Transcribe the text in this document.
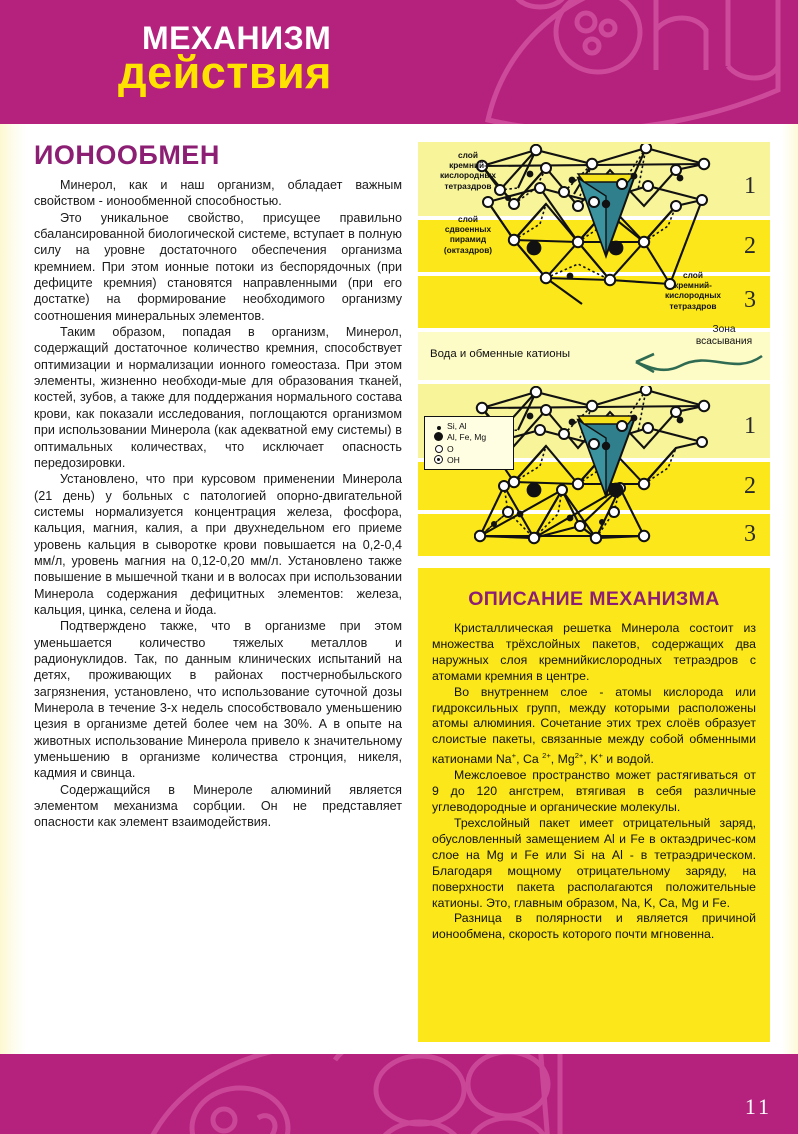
МЕХАНИЗМ
действия
ИОНООБМЕН

Минерол, как и наш организм, обладает важным свойством - ионообменной способностью.

Это уникальное свойство, присущее правильно сбалансированной биологической системе, вступает в полную силу на уровне достаточного обеспечения организма кремнием. При этом ионные потоки из беспорядочных (при дефиците кремния) становятся направленными (при его достатке) на формирование необходимого организму соотношения минеральных элементов.

Таким образом, попадая в организм, Минерол, содержащий достаточное количество кремния, способствует оптимизации и нормализации ионного гомеостаза. При этом элементы, жизненно необходи-мые для образования тканей, костей, зубов, а также для поддержания нормального состава крови, как показали исследования, поглощаются организмом при использовании Минерола (как адекватной ему системы) в оптимальных количествах, что исключает опасность передозировки.

Установлено, что при курсовом применении Минерола (21 день) у больных с патологией опорно-двигательной системы нормализуется концентрация железа, фосфора, кальция, магния, калия, а при двухнедельном его приеме уровень кальция в сыворотке крови повышается на 0,2-0,4 мм/л, уровень магния на 0,12-0,20 мм/л. Установлено также повышение в мышечной ткани и в волосах при использовании Минерола содержания дефицитных элементов: железа, кальция, цинка, селена и йода.

Подтверждено также, что в организме при этом уменьшается количество тяжелых металлов и радионуклидов. Так, по данным клинических испытаний на детях, проживающих в районах постчернобыльского загрязнения, установлено, что использование суточной дозы Минерола в течение 3-х недель способствовало уменьшению цезия в организме детей более чем на 30%. А в опыте на животных использование Минерола привело к значительному уменьшению в организме количества стронция, никеля, кадмия и свинца.

Содержащийся в Минероле алюминий является элементом механизма сорбции. Он не представляет опасности как элемент взаимодействия.

слой
кремний-
кислородных
тетраздров
слой
сдвоенных
пирамид
(октаздров)
слой
кремний-
кислородных
тетраздров
1
2
3
Вода и обменные катионы
Зона
всасывания
Si, Al
Al, Fe, Mg
O
OH
1
2
3
ОПИСАНИЕ МЕХАНИЗМА

Кристаллическая решетка Минерола состоит из множества трёхслойных пакетов, содержащих два наружных слоя кремнийкислородных тетраэдров с атомами кремния в центре.

Во внутреннем слое - атомы кислорода или гидроксильных групп, между которыми расположены атомы алюминия. Сочетание этих трех слоёв образует слоистые пакеты, связанные между собой обменными катионами Na+, Ca $^{2+}$, $Mg^{2+}$, K+ и водой.

Межслоевое пространство может растягиваться от 9 до 120 ангстрем, втягивая в себя различные углеводородные и органические молекулы.

Трехслойный пакет имеет отрицательный заряд, обусловленный замещением Al и Fe в октаэдричес-ком слое на Mg и Fe или Si на Al - в тетраэдрическом. Благодаря мощному отрицательному заряду, на поверхности пакета располагаются положительные катионы. Это, главным образом, Na, K, Ca, Mg и Fe.

Разница в полярности и является причиной ионообмена, скорость которого почти мгновенна.

11
